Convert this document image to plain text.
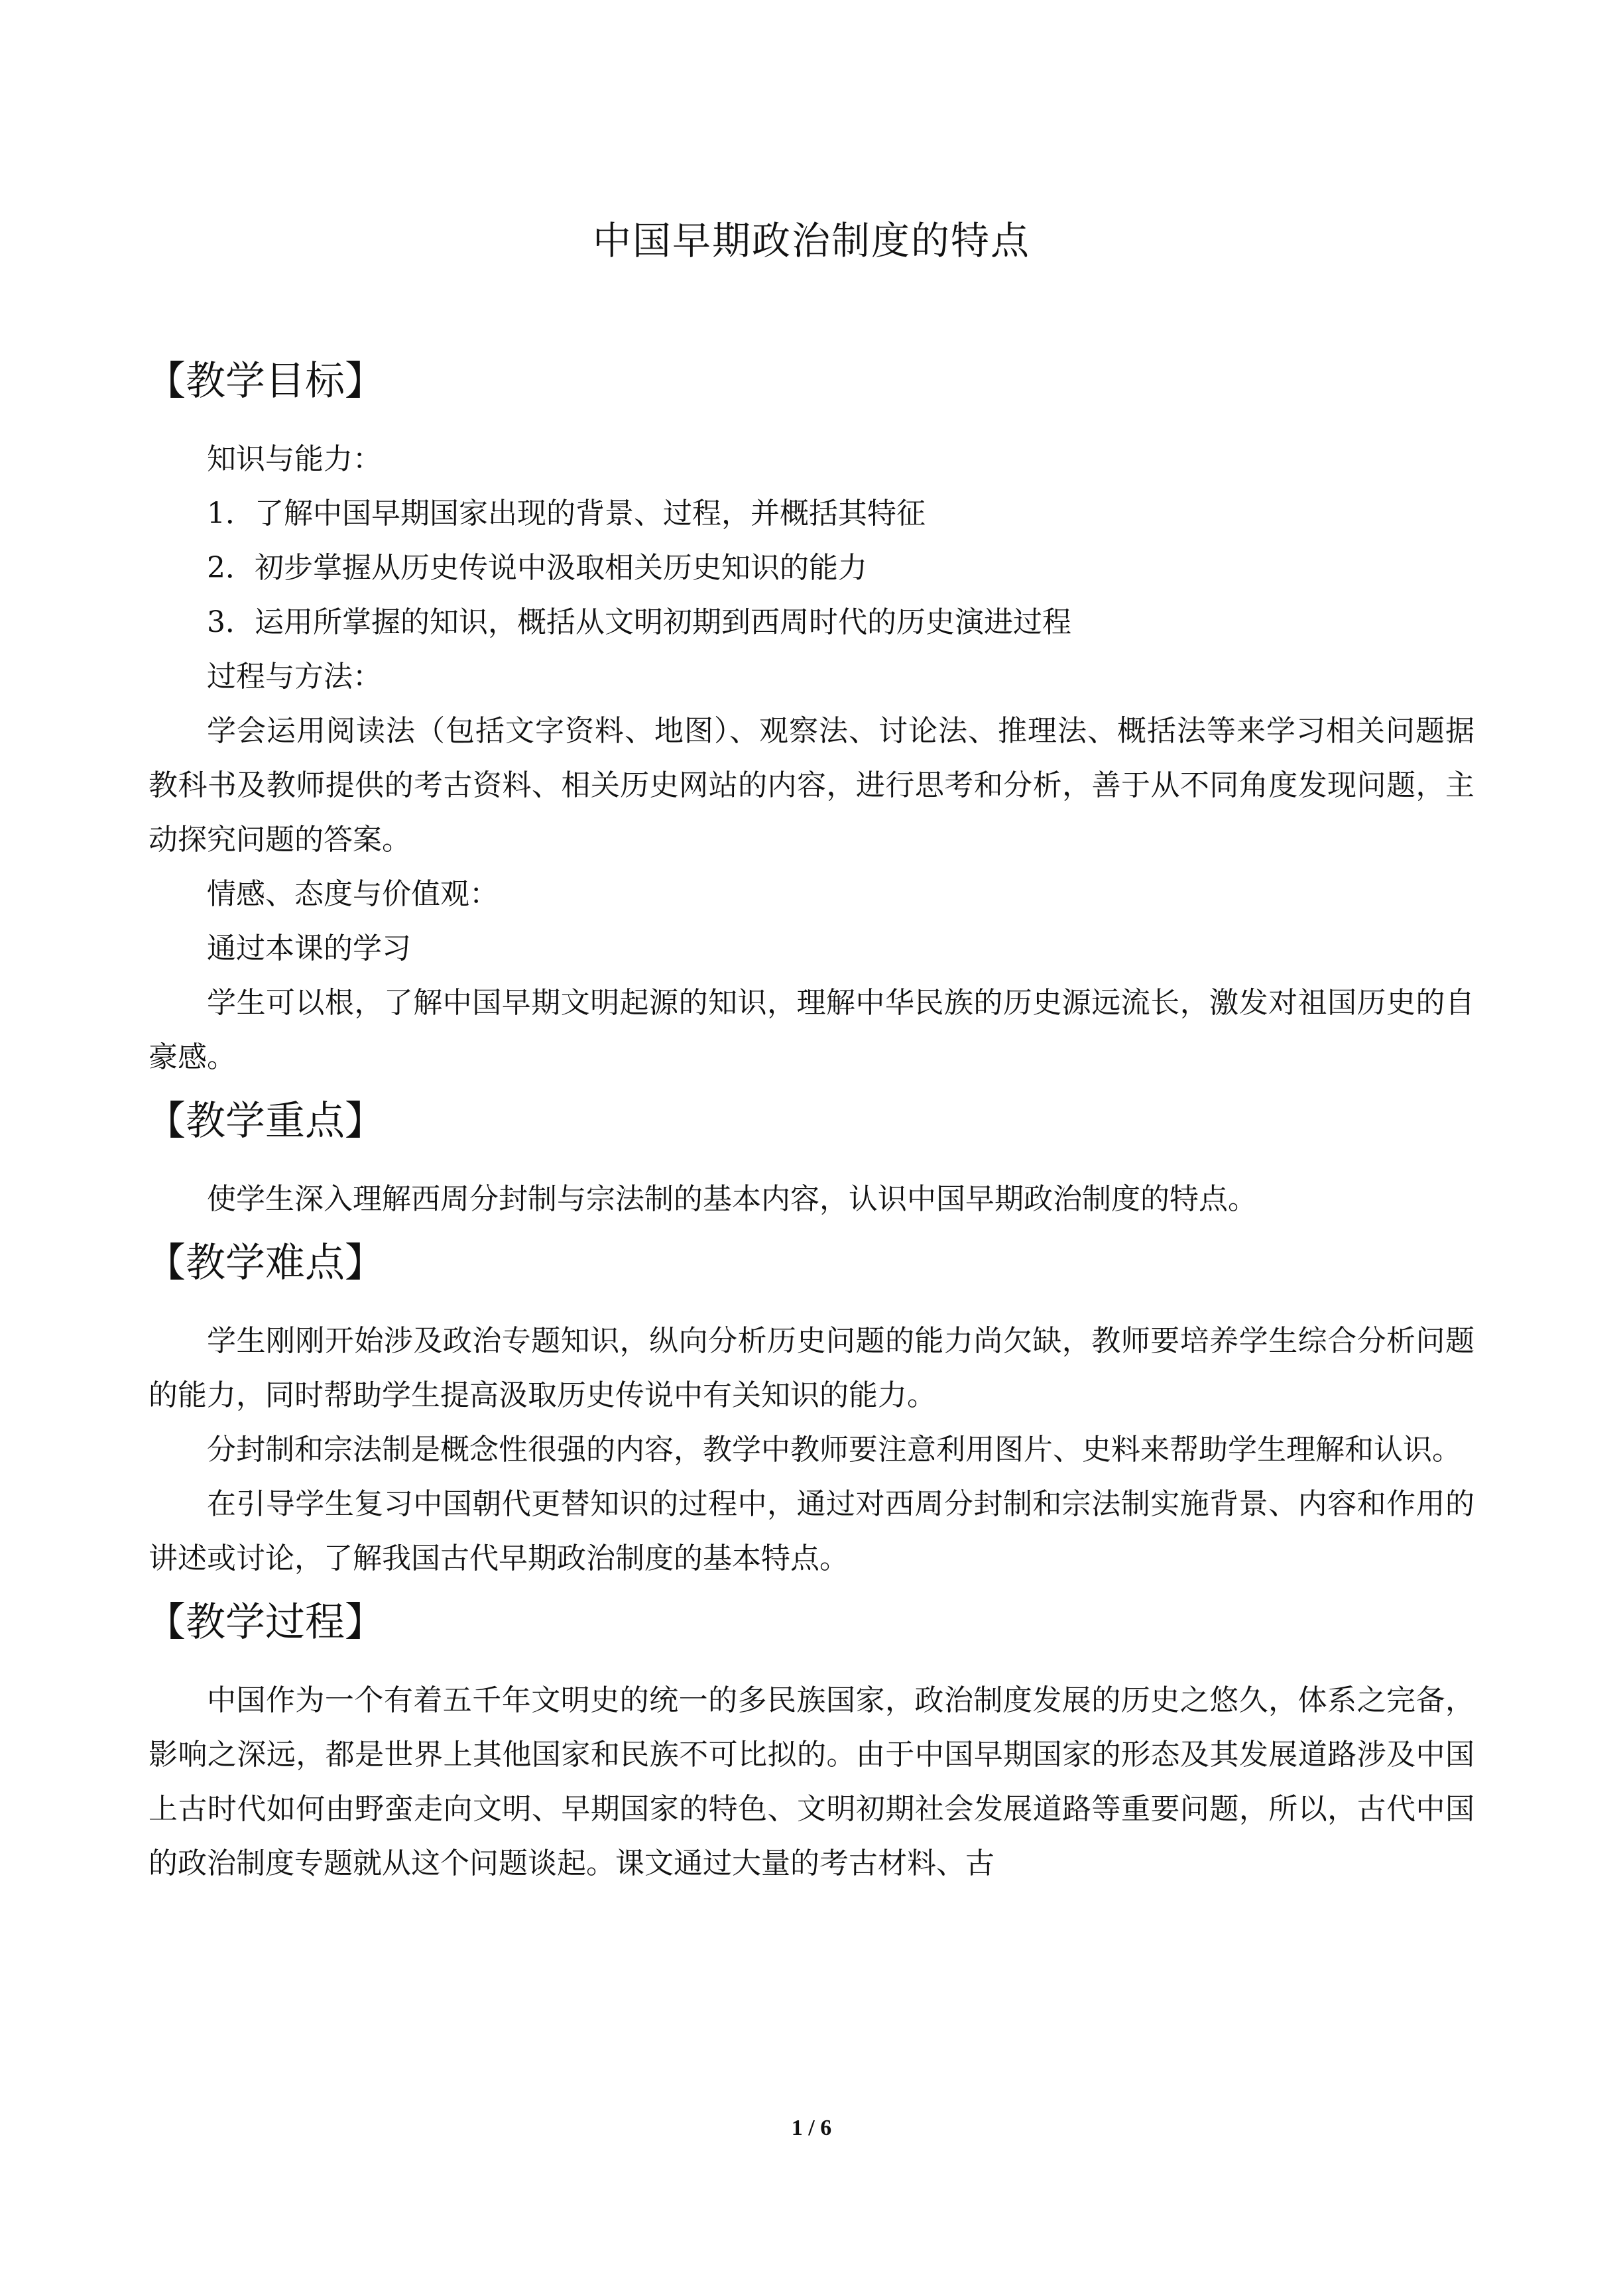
中国早期政治制度的特点
【教学目标】

知识与能力：

1．了解中国早期国家出现的背景、过程，并概括其特征

2．初步掌握从历史传说中汲取相关历史知识的能力

3．运用所掌握的知识，概括从文明初期到西周时代的历史演进过程

过程与方法：

学会运用阅读法（包括文字资料、地图）、观察法、讨论法、推理法、概括法等来学习相关问题据教科书及教师提供的考古资料、相关历史网站的内容，进行思考和分析，善于从不同角度发现问题，主动探究问题的答案。

情感、态度与价值观：

通过本课的学习

学生可以根，了解中国早期文明起源的知识，理解中华民族的历史源远流长，激发对祖国历史的自豪感。

【教学重点】

使学生深入理解西周分封制与宗法制的基本内容，认识中国早期政治制度的特点。

【教学难点】

学生刚刚开始涉及政治专题知识，纵向分析历史问题的能力尚欠缺，教师要培养学生综合分析问题的能力，同时帮助学生提高汲取历史传说中有关知识的能力。

分封制和宗法制是概念性很强的内容，教学中教师要注意利用图片、史料来帮助学生理解和认识。

在引导学生复习中国朝代更替知识的过程中，通过对西周分封制和宗法制实施背景、内容和作用的讲述或讨论，了解我国古代早期政治制度的基本特点。

【教学过程】

中国作为一个有着五千年文明史的统一的多民族国家，政治制度发展的历史之悠久，体系之完备，影响之深远，都是世界上其他国家和民族不可比拟的。由于中国早期国家的形态及其发展道路涉及中国上古时代如何由野蛮走向文明、早期国家的特色、文明初期社会发展道路等重要问题，所以，古代中国的政治制度专题就从这个问题谈起。课文通过大量的考古材料、古

1 / 6
